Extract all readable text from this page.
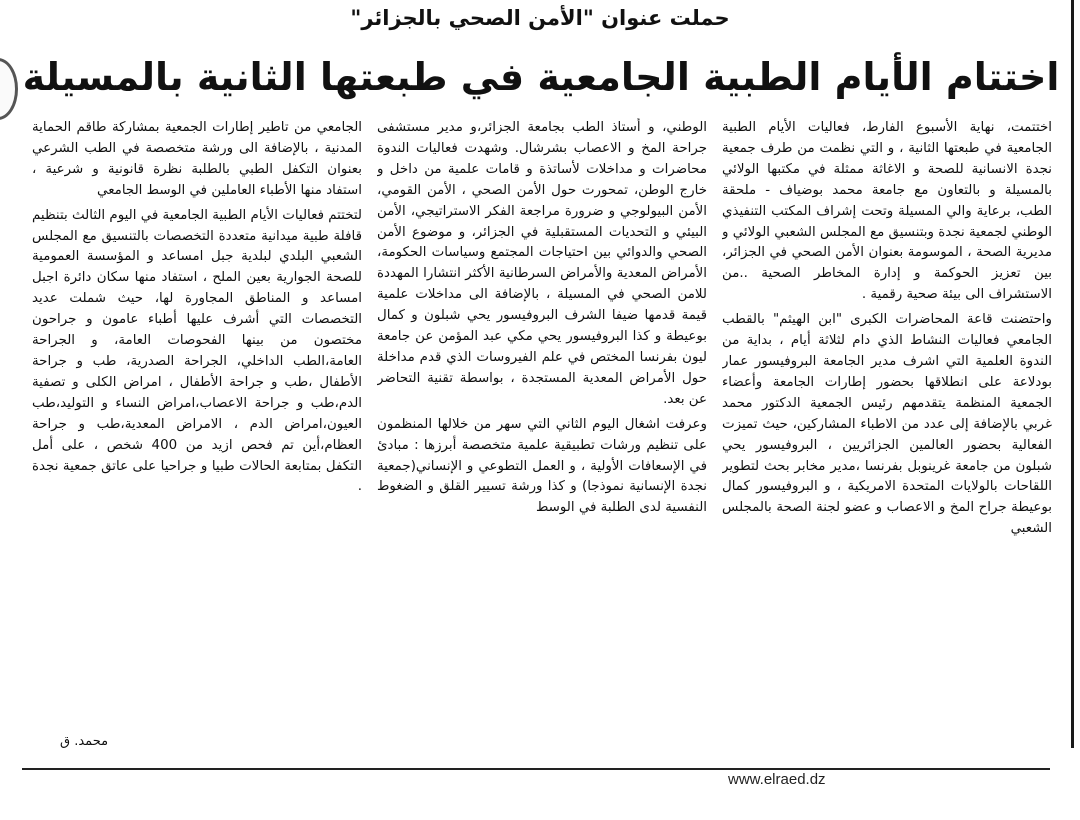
حملت عنوان "الأمن الصحي بالجزائر"
اختتام الأيام الطبية الجامعية في طبعتها الثانية بالمسيلة

اختتمت، نهاية الأسبوع الفارط، فعاليات الأيام الطبية الجامعية في طبعتها الثانية ، و التي نظمت من طرف جمعية نجدة الانسانية للصحة و الاغاثة ممثلة في مكتبها الولائي بالمسيلة و بالتعاون مع جامعة محمد بوضياف - ملحقة الطب، برعاية والي المسيلة وتحت إشراف المكتب التنفيذي الوطني لجمعية نجدة وبتنسيق مع المجلس الشعبي الولائي و مديرية الصحة ، الموسومة بعنوان الأمن الصحي في الجزائر، بين تعزيز الحوكمة و إدارة المخاطر الصحية ..من الاستشراف الى بيئة صحية رقمية .

واحتضنت قاعة المحاضرات الكبرى "ابن الهيثم" بالقطب الجامعي فعاليات النشاط الذي دام لثلاثة أيام ، بداية من الندوة العلمية التي اشرف مدير الجامعة البروفيسور عمار بودلاعة على انطلاقها بحضور إطارات الجامعة وأعضاء الجمعية المنظمة يتقدمهم رئيس الجمعية الدكتور محمد غربي بالإضافة إلى عدد من الاطباء المشاركين، حيث تميزت الفعالية بحضور العالمين الجزائريين ، البروفيسور يحي شبلون من جامعة غرينوبل بفرنسا ،مدير مخابر بحث لتطوير اللقاحات بالولايات المتحدة الامريكية ، و البروفيسور كمال بوعيطة جراح المخ و الاعصاب و عضو لجنة الصحة بالمجلس الشعبي

الوطني، و أستاذ الطب بجامعة الجزائر،و مدير مستشفى جراحة المخ و الاعصاب بشرشال. وشهدت فعاليات الندوة محاضرات و مداخلات لأساتذة و قامات علمية من داخل و خارج الوطن، تمحورت حول الأمن الصحي ، الأمن القومي، الأمن البيولوجي و ضرورة مراجعة الفكر الاستراتيجي، الأمن البيئي و التحديات المستقبلية في الجزائر، و موضوع الأمن الصحي والدوائي بين احتياجات المجتمع وسياسات الحكومة، الأمراض المعدية والأمراض السرطانية الأكثر انتشارا المهددة للامن الصحي في المسيلة ، بالإضافة الى مداخلات علمية قيمة قدمها ضيفا الشرف البروفيسور يحي شبلون و كمال بوعيطة و كذا البروفيسور يحي مكي عبد المؤمن عن جامعة ليون بفرنسا المختص في علم الفيروسات الذي قدم مداخلة حول الأمراض المعدية المستجدة ، بواسطة تقنية التحاضر عن بعد.

وعرفت اشغال اليوم الثاني التي سهر من خلالها المنظمون على تنظيم ورشات تطبيقية علمية متخصصة أبرزها : مبادئ في الإسعافات الأولية ، و العمل التطوعي و الإنساني(جمعية نجدة الإنسانية نموذجا) و كذا ورشة تسيير القلق و الضغوط النفسية لدى الطلبة في الوسط

الجامعي من تاطير إطارات الجمعية بمشاركة طاقم الحماية المدنية ، بالإضافة الى ورشة متخصصة في الطب الشرعي بعنوان التكفل الطبي بالطلبة نظرة قانونية و شرعية ، استفاد منها الأطباء العاملين في الوسط الجامعي

لتختتم فعاليات الأيام الطبية الجامعية في اليوم الثالث بتنظيم قافلة طبية ميدانية متعددة التخصصات بالتنسيق مع المجلس الشعبي البلدي لبلدية جبل امساعد و المؤسسة العمومية للصحة الجوارية بعين الملح ، استفاد منها سكان دائرة اجبل امساعد و المناطق المجاورة لها، حيث شملت عديد التخصصات التي أشرف عليها أطباء عامون و جراحون مختصون من بينها الفحوصات العامة، و الجراحة العامة،الطب الداخلي، الجراحة الصدرية، طب و جراحة الأطفال ،طب و جراحة الأطفال ، امراض الكلى و تصفية الدم،طب و جراحة الاعصاب،امراض النساء و التوليد،طب العيون،امراض الدم ، الامراض المعدية،طب و جراحة العظام،أين تم فحص ازيد من 400 شخص ، على أمل التكفل بمتابعة الحالات طبيا و جراحيا على عاتق جمعية نجدة .

محمد. ق
www.elraed.dz
